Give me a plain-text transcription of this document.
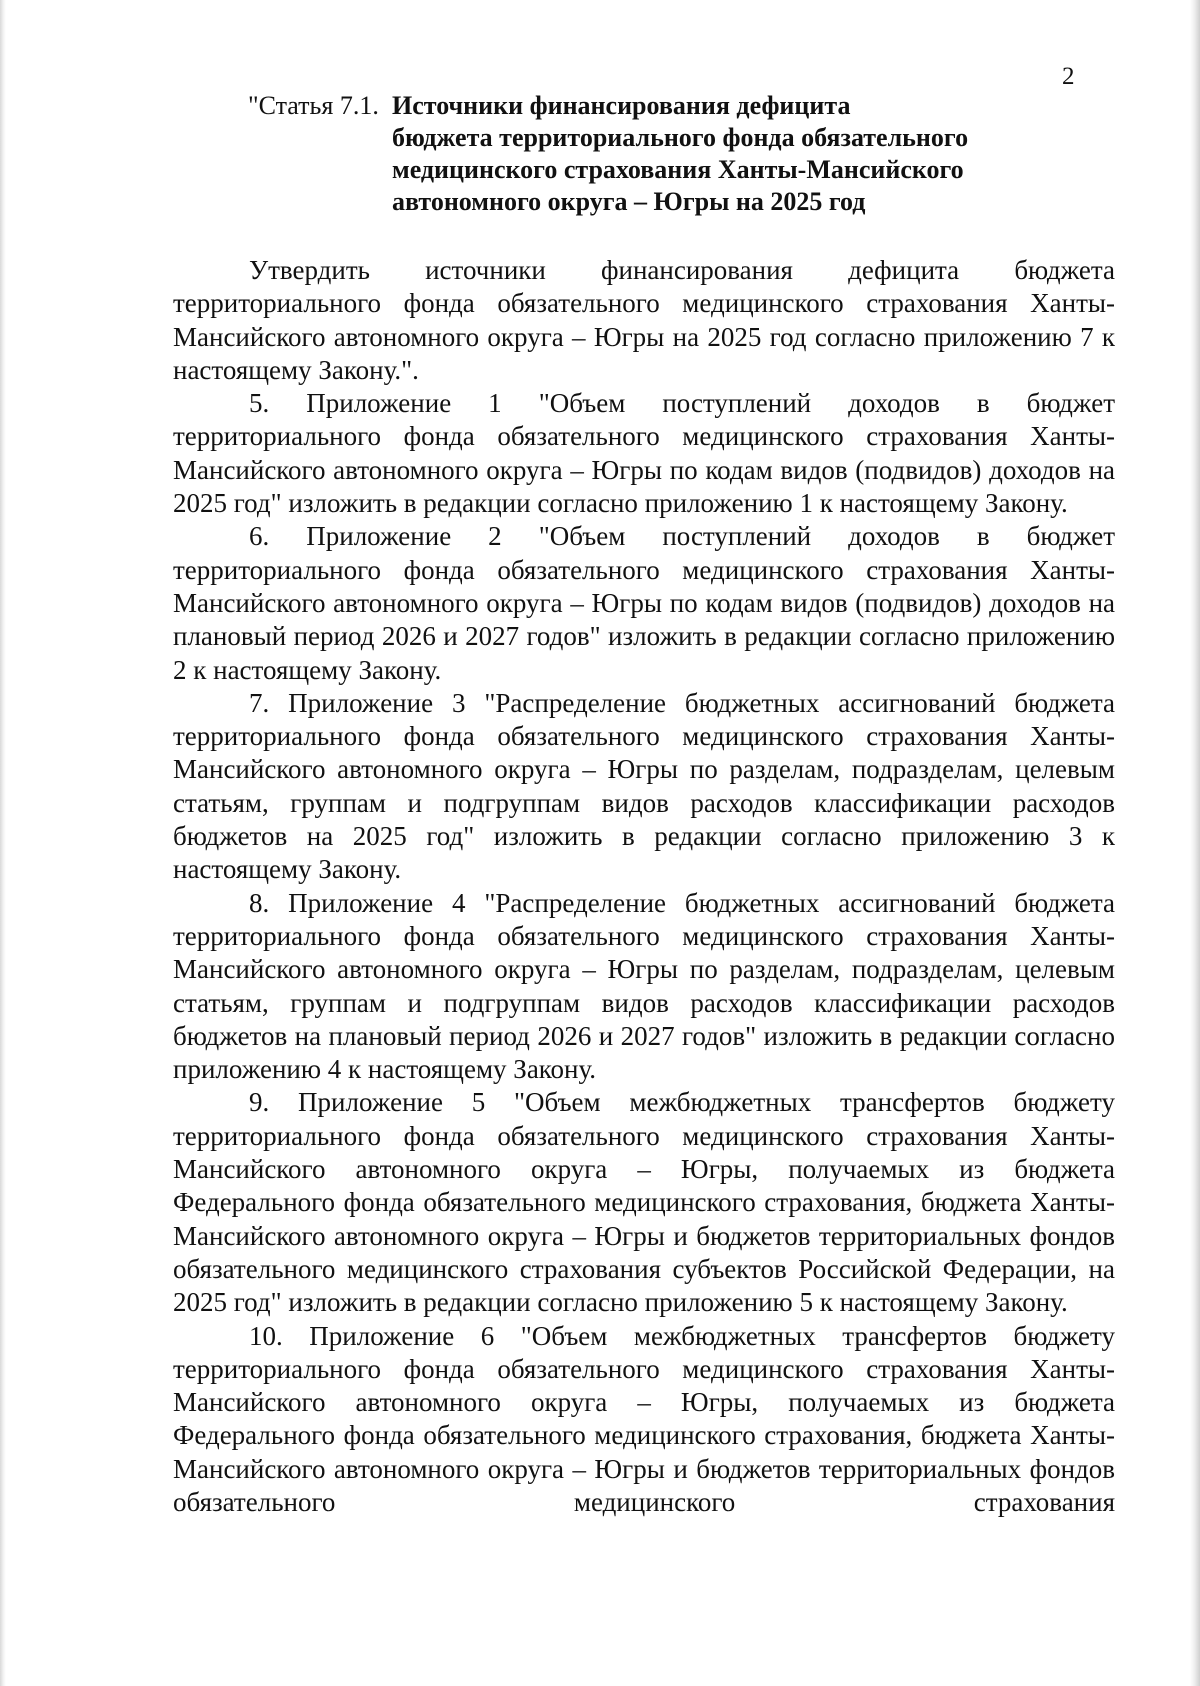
2
"Статья 7.1. Источники финансирования дефицита
бюджета территориального фонда обязательного
медицинского страхования Ханты-Мансийского
автономного округа – Югры на 2025 год

Утвердить источники финансирования дефицита бюджета территориального фонда обязательного медицинского страхования Ханты-Мансийского автономного округа – Югры на 2025 год согласно приложению 7 к настоящему Закону.".

5. Приложение 1 "Объем поступлений доходов в бюджет территориального фонда обязательного медицинского страхования Ханты-Мансийского автономного округа – Югры по кодам видов (подвидов) доходов на 2025 год" изложить в редакции согласно приложению 1 к настоящему Закону.

6. Приложение 2 "Объем поступлений доходов в бюджет территориального фонда обязательного медицинского страхования Ханты-Мансийского автономного округа – Югры по кодам видов (подвидов) доходов на плановый период 2026 и 2027 годов" изложить в редакции согласно приложению 2 к настоящему Закону.

7. Приложение 3 "Распределение бюджетных ассигнований бюджета территориального фонда обязательного медицинского страхования Ханты-Мансийского автономного округа – Югры по разделам, подразделам, целевым статьям, группам и подгруппам видов расходов классификации расходов бюджетов на 2025 год" изложить в редакции согласно приложению 3 к настоящему Закону.

8. Приложение 4 "Распределение бюджетных ассигнований бюджета территориального фонда обязательного медицинского страхования Ханты-Мансийского автономного округа – Югры по разделам, подразделам, целевым статьям, группам и подгруппам видов расходов классификации расходов бюджетов на плановый период 2026 и 2027 годов" изложить в редакции согласно приложению 4 к настоящему Закону.

9. Приложение 5 "Объем межбюджетных трансфертов бюджету территориального фонда обязательного медицинского страхования Ханты-Мансийского автономного округа – Югры, получаемых из бюджета Федерального фонда обязательного медицинского страхования, бюджета Ханты-Мансийского автономного округа – Югры и бюджетов территориальных фондов обязательного медицинского страхования субъектов Российской Федерации, на 2025 год" изложить в редакции согласно приложению 5 к настоящему Закону.

10. Приложение 6 "Объем межбюджетных трансфертов бюджету территориального фонда обязательного медицинского страхования Ханты-Мансийского автономного округа – Югры, получаемых из бюджета Федерального фонда обязательного медицинского страхования, бюджета Ханты-Мансийского автономного округа – Югры и бюджетов территориальных фондов обязательного медицинского страхования
